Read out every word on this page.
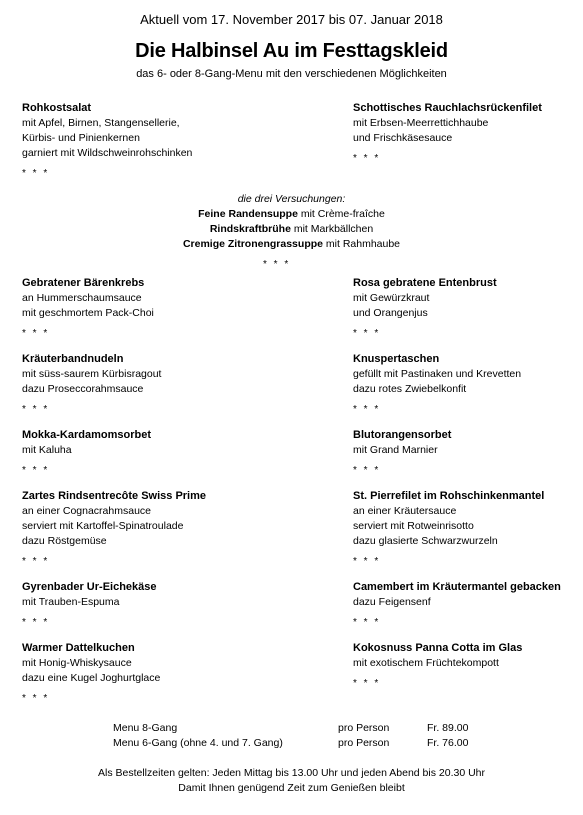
Aktuell vom 17. November 2017 bis 07. Januar 2018
Die Halbinsel Au im Festtagskleid
das 6- oder 8-Gang-Menu mit den verschiedenen Möglichkeiten
Rohkostsalat
mit Apfel, Birnen, Stangensellerie,
Kürbis- und Pinienkernen
garniert mit Wildschweinrohschinken
* * *
Gebratener Bärenkrebs
an Hummerschaumsauce
mit geschmortem Pack-Choi
* * *
Kräuterbandnudeln
mit süss-saurem Kürbisragout
dazu Proseccorahmsauce
* * *
Mokka-Kardamomsorbet
mit Kaluha
* * *
Zartes Rindsentrecôte Swiss Prime
an einer Cognacrahmsauce
serviert mit Kartoffel-Spinatroulade
dazu Röstgemüse
* * *
Gyrenbader Ur-Eichekäse
mit Trauben-Espuma
* * *
Warmer Dattelkuchen
mit Honig-Whiskysauce
dazu eine Kugel Joghurtglace
* * *
Schottisches Rauchlachsrückenfilet
mit Erbsen-Meerrettichhaube
und Frischkäsesauce
* * *
Rosa gebratene Entenbrust
mit Gewürzkraut
und Orangenjus
* * *
Knuspertaschen
gefüllt mit Pastinaken und Krevetten
dazu rotes Zwiebelkonfit
* * *
Blutorangensorbet
mit Grand Marnier
* * *
St. Pierrefilet im Rohschinkenmantel
an einer Kräutersauce
serviert mit Rotweinrisotto
dazu glasierte Schwarzwurzeln
* * *
Camembert im Kräutermantel gebacken
dazu Feigensenf
* * *
Kokosnuss Panna Cotta im Glas
mit exotischem Früchtekompott
* * *
die drei Versuchungen:
Feine Randensuppe mit Crème-fraîche
Rindskraftbrühe mit Markbällchen
Cremige Zitronengrassuppe mit Rahmhaube
* * *
Menu 8-Gang	pro Person	Fr. 89.00
Menu 6-Gang (ohne 4. und 7. Gang)	pro Person	Fr. 76.00
Als Bestellzeiten gelten: Jeden Mittag bis 13.00 Uhr und jeden Abend bis 20.30 Uhr
Damit Ihnen genügend Zeit zum Genießen bleibt
